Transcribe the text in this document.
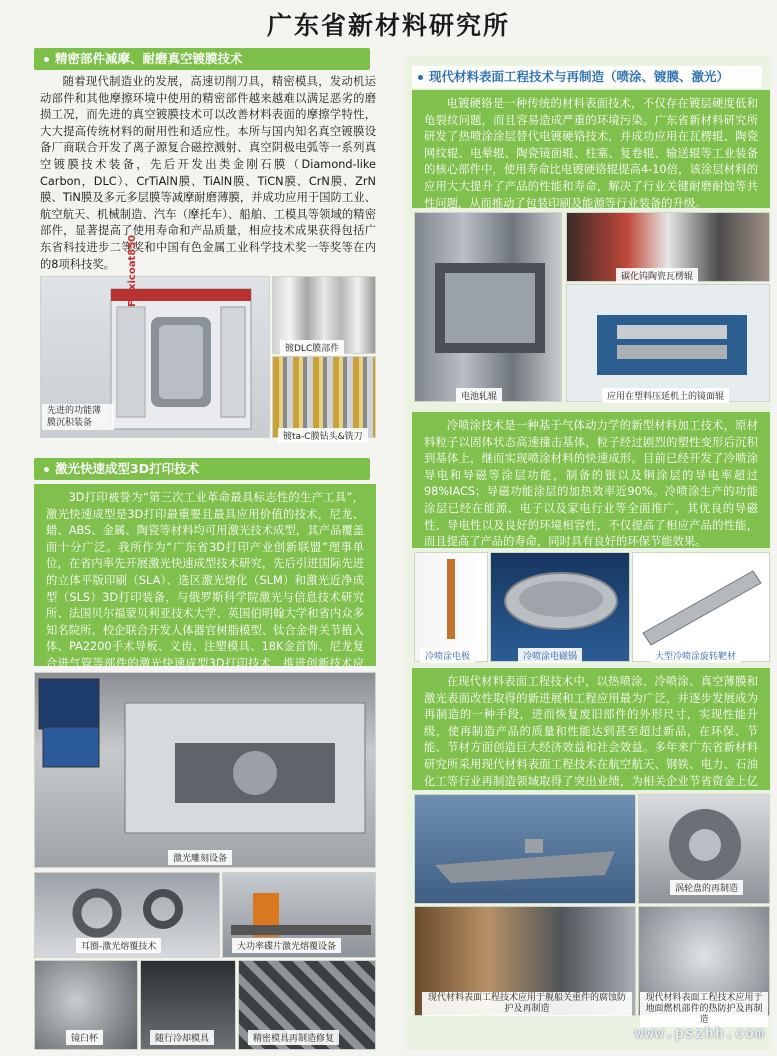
广东省新材料研究所
精密部件减摩、耐磨真空镀膜技术
随着现代制造业的发展，高速切削刀具，精密模具，发动机运动部件和其他摩擦环境中使用的精密部件越来越难以满足恶劣的磨损工况，而先进的真空镀膜技术可以改善材料表面的摩擦学特性，大大提高传统材料的耐用性和适应性。本所与国内知名真空镀膜设备厂商联合开发了离子源复合磁控溅射、真空阴极电弧等一系列真空镀膜技术装备，先后开发出类金刚石膜（Diamond-like Carbon，DLC）、CrTiAlN膜、TiAlN膜、TiCN膜、CrN膜、ZrN膜、TiN膜及多元多层膜等减摩耐磨薄膜，并成功应用于国防工业、航空航天、机械制造、汽车（摩托车）、船舶、工模具等领域的精密部件，显著提高了使用寿命和产品质量，相应技术成果获得包括广东省科技进步二等奖和中国有色金属工业科学技术奖一等奖等在内的8项科技奖。	Flexicoat850
先进的功能薄膜沉积装备
镀DLC膜部件
镀ta-C膜钻头&铣刀
激光快速成型3D打印技术
3D打印被誉为“第三次工业革命最具标志性的生产工具”，激光快速成型是3D打印最重要且最具应用价值的技术，尼龙、蜡、ABS、金属、陶瓷等材料均可用激光技术成型，其产品覆盖面十分广泛。我所作为“广东省3D打印产业创新联盟”理事单位，在省内率先开展激光快速成型技术研究，先后引进国际先进的立体平版印刷（SLA）、选区激光熔化（SLM）和激光近净成型（SLS）3D打印装备，与俄罗斯科学院激光与信息技术研究所、法国贝尔福蒙贝利亚技术大学、英国伯明翰大学和省内众多知名院所、校企联合开发人体器官树脂模型、钛合金骨关节植入体、PA2200手术导板、义齿、注塑模具、18K金首饰、尼龙复合进气管等部件的激光快速成型3D打印技术，推进创新技术应
激光雕刻设备
耳圈-激光熔覆技术	大功率碟片激光熔覆设备
镜臼杯	随行冷却模具	精密模具再制造修复
现代材料表面工程技术与再制造（喷涂、镀膜、激光）
电镀硬铬是一种传统的材料表面技术，不仅存在镀层硬度低和龟裂纹问题，而且容易造成严重的环境污染。广东省新材料研究所研发了热喷涂涂层替代电镀硬铬技术，并成功应用在瓦楞辊、陶瓷网纹辊、电晕辊、陶瓷镜面辊、柱塞、复卷辊、输送辊等工业装备的核心部件中，使用寿命比电镀硬铬辊提高4-10倍，该涂层材料的应用大大提升了产品的性能和寿命，解决了行业关键耐磨耐蚀等共性问题，从而推动了包装印刷及能源等行业装备的升级。
电池轧辊
碳化钨陶瓷瓦楞辊
应用在塑料压延机上的镜面辊
冷喷涂技术是一种基于气体动力学的新型材料加工技术，原材料粒子以固体状态高速撞击基体，粒子经过剧烈的塑性变形后沉积到基体上，继而实现喷涂材料的快速成形。目前已经开发了冷喷涂导电和导磁等涂层功能，制备的银以及铜涂层的导电率超过98%IACS；导磁功能涂层的加热效率近90%。冷喷涂生产的功能涂层已经在能源、电子以及家电行业等全面推广，其优良的导磁性、导电性以及良好的环境相容性，不仅提高了相应产品的性能，而且提高了产品的寿命，同时具有良好的环保节能效果。
冷喷涂电极	冷喷涂电磁锅	大型冷喷涂旋转靶材
在现代材料表面工程技术中，以热喷涂、冷喷涂、真空薄膜和激光表面改性取得的新进展和工程应用最为广泛，并逐步发展成为再制造的一种手段，进而恢复废旧部件的外形尺寸，实现性能升级，使再制造产品的质量和性能达到甚至超过新品，在环保、节能、节材方面创造巨大经济效益和社会效益。多年来广东省新材料研究所采用现代材料表面工程技术在航空航天、钢铁、电力、石油化工等行业再制造领域取得了突出业绩，为相关企业节省资金上亿
涡轮盘的再制造
现代材料表面工程技术应用于舰船关重件的腐蚀防护及再制造
现代材料表面工程技术应用于地面燃机部件的热防护及再制造
www.pszhh.com
